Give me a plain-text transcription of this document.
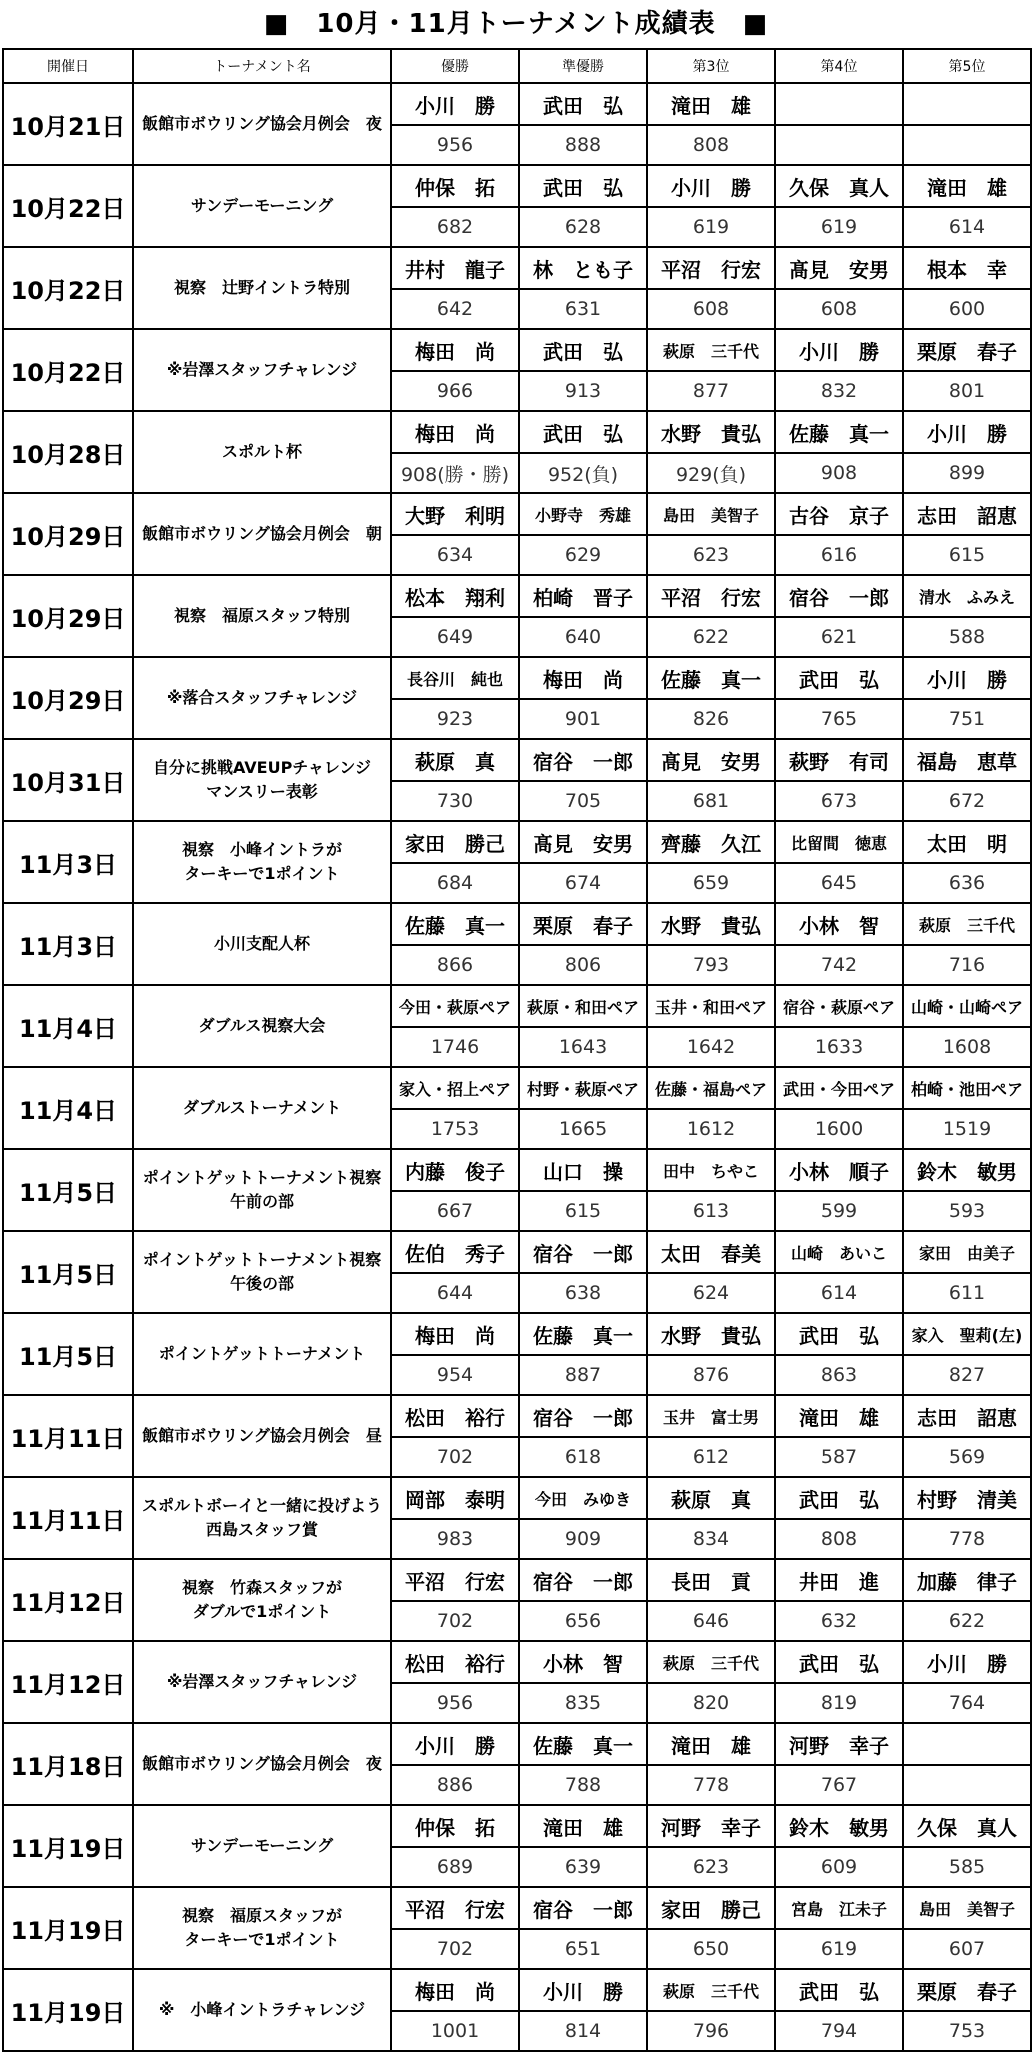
■　10月・11月トーナメント成績表　■
開催日	トーナメント名	優勝	準優勝	第3位	第4位	第5位
10月21日	飯館市ボウリング協会月例会　夜	小川　勝	武田　弘	滝田　雄		
		956	888	808		
10月22日	サンデーモーニング	仲保　拓	武田　弘	小川　勝	久保　真人	滝田　雄
		682	628	619	619	614
10月22日	視察　辻野イントラ特別	井村　龍子	林　とも子	平沼　行宏	髙見　安男	根本　幸
		642	631	608	608	600
10月22日	※岩澤スタッフチャレンジ	梅田　尚	武田　弘	萩原　三千代	小川　勝	栗原　春子
		966	913	877	832	801
10月28日	スポルト杯	梅田　尚	武田　弘	水野　貴弘	佐藤　真一	小川　勝
		908(勝・勝)	952(負)	929(負)	908	899
10月29日	飯館市ボウリング協会月例会　朝	大野　利明	小野寺　秀雄	島田　美智子	古谷　京子	志田　詔恵
		634	629	623	616	615
10月29日	視察　福原スタッフ特別	松本　翔利	柏崎　晋子	平沼　行宏	宿谷　一郎	清水　ふみえ
		649	640	622	621	588
10月29日	※落合スタッフチャレンジ	長谷川　純也	梅田　尚	佐藤　真一	武田　弘	小川　勝
		923	901	826	765	751
10月31日	自分に挑戦AVEUPチャレンジ
マンスリー表彰	萩原　真	宿谷　一郎	髙見　安男	萩野　有司	福島　恵草
		730	705	681	673	672
11月3日	視察　小峰イントラが
ターキーで1ポイント	家田　勝己	髙見　安男	齊藤　久江	比留間　徳恵	太田　明
		684	674	659	645	636
11月3日	小川支配人杯	佐藤　真一	栗原　春子	水野　貴弘	小林　智	萩原　三千代
		866	806	793	742	716
11月4日	ダブルス視察大会	今田・萩原ペア	萩原・和田ペア	玉井・和田ペア	宿谷・萩原ペア	山崎・山崎ペア
		1746	1643	1642	1633	1608
11月4日	ダブルストーナメント	家入・招上ペア	村野・萩原ペア	佐藤・福島ペア	武田・今田ペア	柏崎・池田ペア
		1753	1665	1612	1600	1519
11月5日	ポイントゲットトーナメント視察
午前の部	内藤　俊子	山口　操	田中　ちやこ	小林　順子	鈴木　敏男
		667	615	613	599	593
11月5日	ポイントゲットトーナメント視察
午後の部	佐伯　秀子	宿谷　一郎	太田　春美	山崎　あいこ	家田　由美子
		644	638	624	614	611
11月5日	ポイントゲットトーナメント	梅田　尚	佐藤　真一	水野　貴弘	武田　弘	家入　聖莉(左)
		954	887	876	863	827
11月11日	飯館市ボウリング協会月例会　昼	松田　裕行	宿谷　一郎	玉井　富士男	滝田　雄	志田　詔恵
		702	618	612	587	569
11月11日	スポルトボーイと一緒に投げよう
西島スタッフ賞	岡部　泰明	今田　みゆき	萩原　真	武田　弘	村野　清美
		983	909	834	808	778
11月12日	視察　竹森スタッフが
ダブルで1ポイント	平沼　行宏	宿谷　一郎	長田　貢	井田　進	加藤　律子
		702	656	646	632	622
11月12日	※岩澤スタッフチャレンジ	松田　裕行	小林　智	萩原　三千代	武田　弘	小川　勝
		956	835	820	819	764
11月18日	飯館市ボウリング協会月例会　夜	小川　勝	佐藤　真一	滝田　雄	河野　幸子	
		886	788	778	767	
11月19日	サンデーモーニング	仲保　拓	滝田　雄	河野　幸子	鈴木　敏男	久保　真人
		689	639	623	609	585
11月19日	視察　福原スタッフが
ターキーで1ポイント	平沼　行宏	宿谷　一郎	家田　勝己	宮島　江未子	島田　美智子
		702	651	650	619	607
11月19日	※　小峰イントラチャレンジ	梅田　尚	小川　勝	萩原　三千代	武田　弘	栗原　春子
		1001	814	796	794	753
